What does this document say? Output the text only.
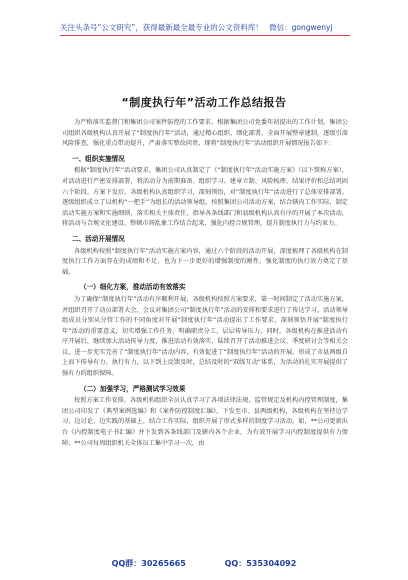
关注头条号“公文研究”，获得最新最全最专业的公文资料库！ 微信：gongwenyj
“制度执行年”活动工作总结报告

为严格落实监督门和集团公司案件防控的工作要求，根据集团公司党委年初提出的工作计划，集团公司组织各级机构认真开展了“制度执行年”活动，通过精心组织、细化部署、全面开展整章建制，逐级引深风险排查，强化重点带动提升，严肃落实整改问责，现将“制度执行年”活动组织开展情况报告如下：

一、组织实施情况

根据“制度执行年”活动要求，集团公司认真制定了《“制度执行年”活动实施方案》（以下简称方案），对活动进行严密安排部署，将活动分为前期准备、组织学习、建章立制、风险梳理、结果评价和总结巩固六个阶段。方案下发后，各级机构认真组织学习，深刻领悟，对“制度执行年”活动进行了总体安排部署。逐级组织成立了以机构“一把手”为组长的活动领导组，按照集团公司活动方案，结合辖内工作实际，制定活动实施方案和实施细则，落实相关主体责任，指导各条线部门和县级机构认真有序的开展了本次活动，将活动与合规文化建设、整顿市场乱象工作结合起来，强化内控合规管理，提升制度执行力与约束力。

二、活动开展情况

各级机构按照“制度执行年”活动实施方案内容，通过六个阶段的活动开展，深度梳理了各级机构在制度执行工作方面存在的成绩和不足，也为下一步更好的增强制度的刚性，强化制度的执行效力奠定了基础。

（一）细化方案，推动活动有效落实

为了确保“制度执行年”活动有序顺利开展，各级机构按照方案要求，第一时间制定了活动实施方案，并组织召开了动员部署大会，会议对集团公司“制度执行年”活动的安排和要求进行了传达学习，活动领导组成员分别从分管工作的不同角度对开展“制度执行年”活动提出了工作要求，深刻领悟开展“制度执行年”活动的重要意义，切实增强工作任务，明确职责分工，层层传导压力。同时，各级机构在推进活动有序开展后，继续加大活动传导力度，推进活动有效落实，陆续召开了活动推进会议、季度研讨会等相关会议，进一步充实完善了“制度执行年”活动内容，有效促进了“制度执行年”活动的开展，形成了市县两级自上而下传导有力、执行有力，以下到上反馈及时，总结及时的“双线互动”体系，为活动的扎实开展提供了强有力的组织保障。

（二）加强学习，严格测试学习效果

按照方案工作安排，各级机构组织全员认真学习了各项法律法规、监管规定及机构内控管理制度，集团公司印发了《典型案例选编》和《案件防控制度汇编》，下发至市、县两级机构，各级机构在坚持边学习、边讨论、边实践的基础上，结合工作实际，组织开展了形式多样的制度学习活动。如，**公司更新出台《内控制度电子书汇编》并下发到各条线部门及辖内各个企业，为有效开展学习内控制度提供有力保障；**公司每周组织机关全体员工集中学习一次，由

QQ群：30265665	QQ：535304092
